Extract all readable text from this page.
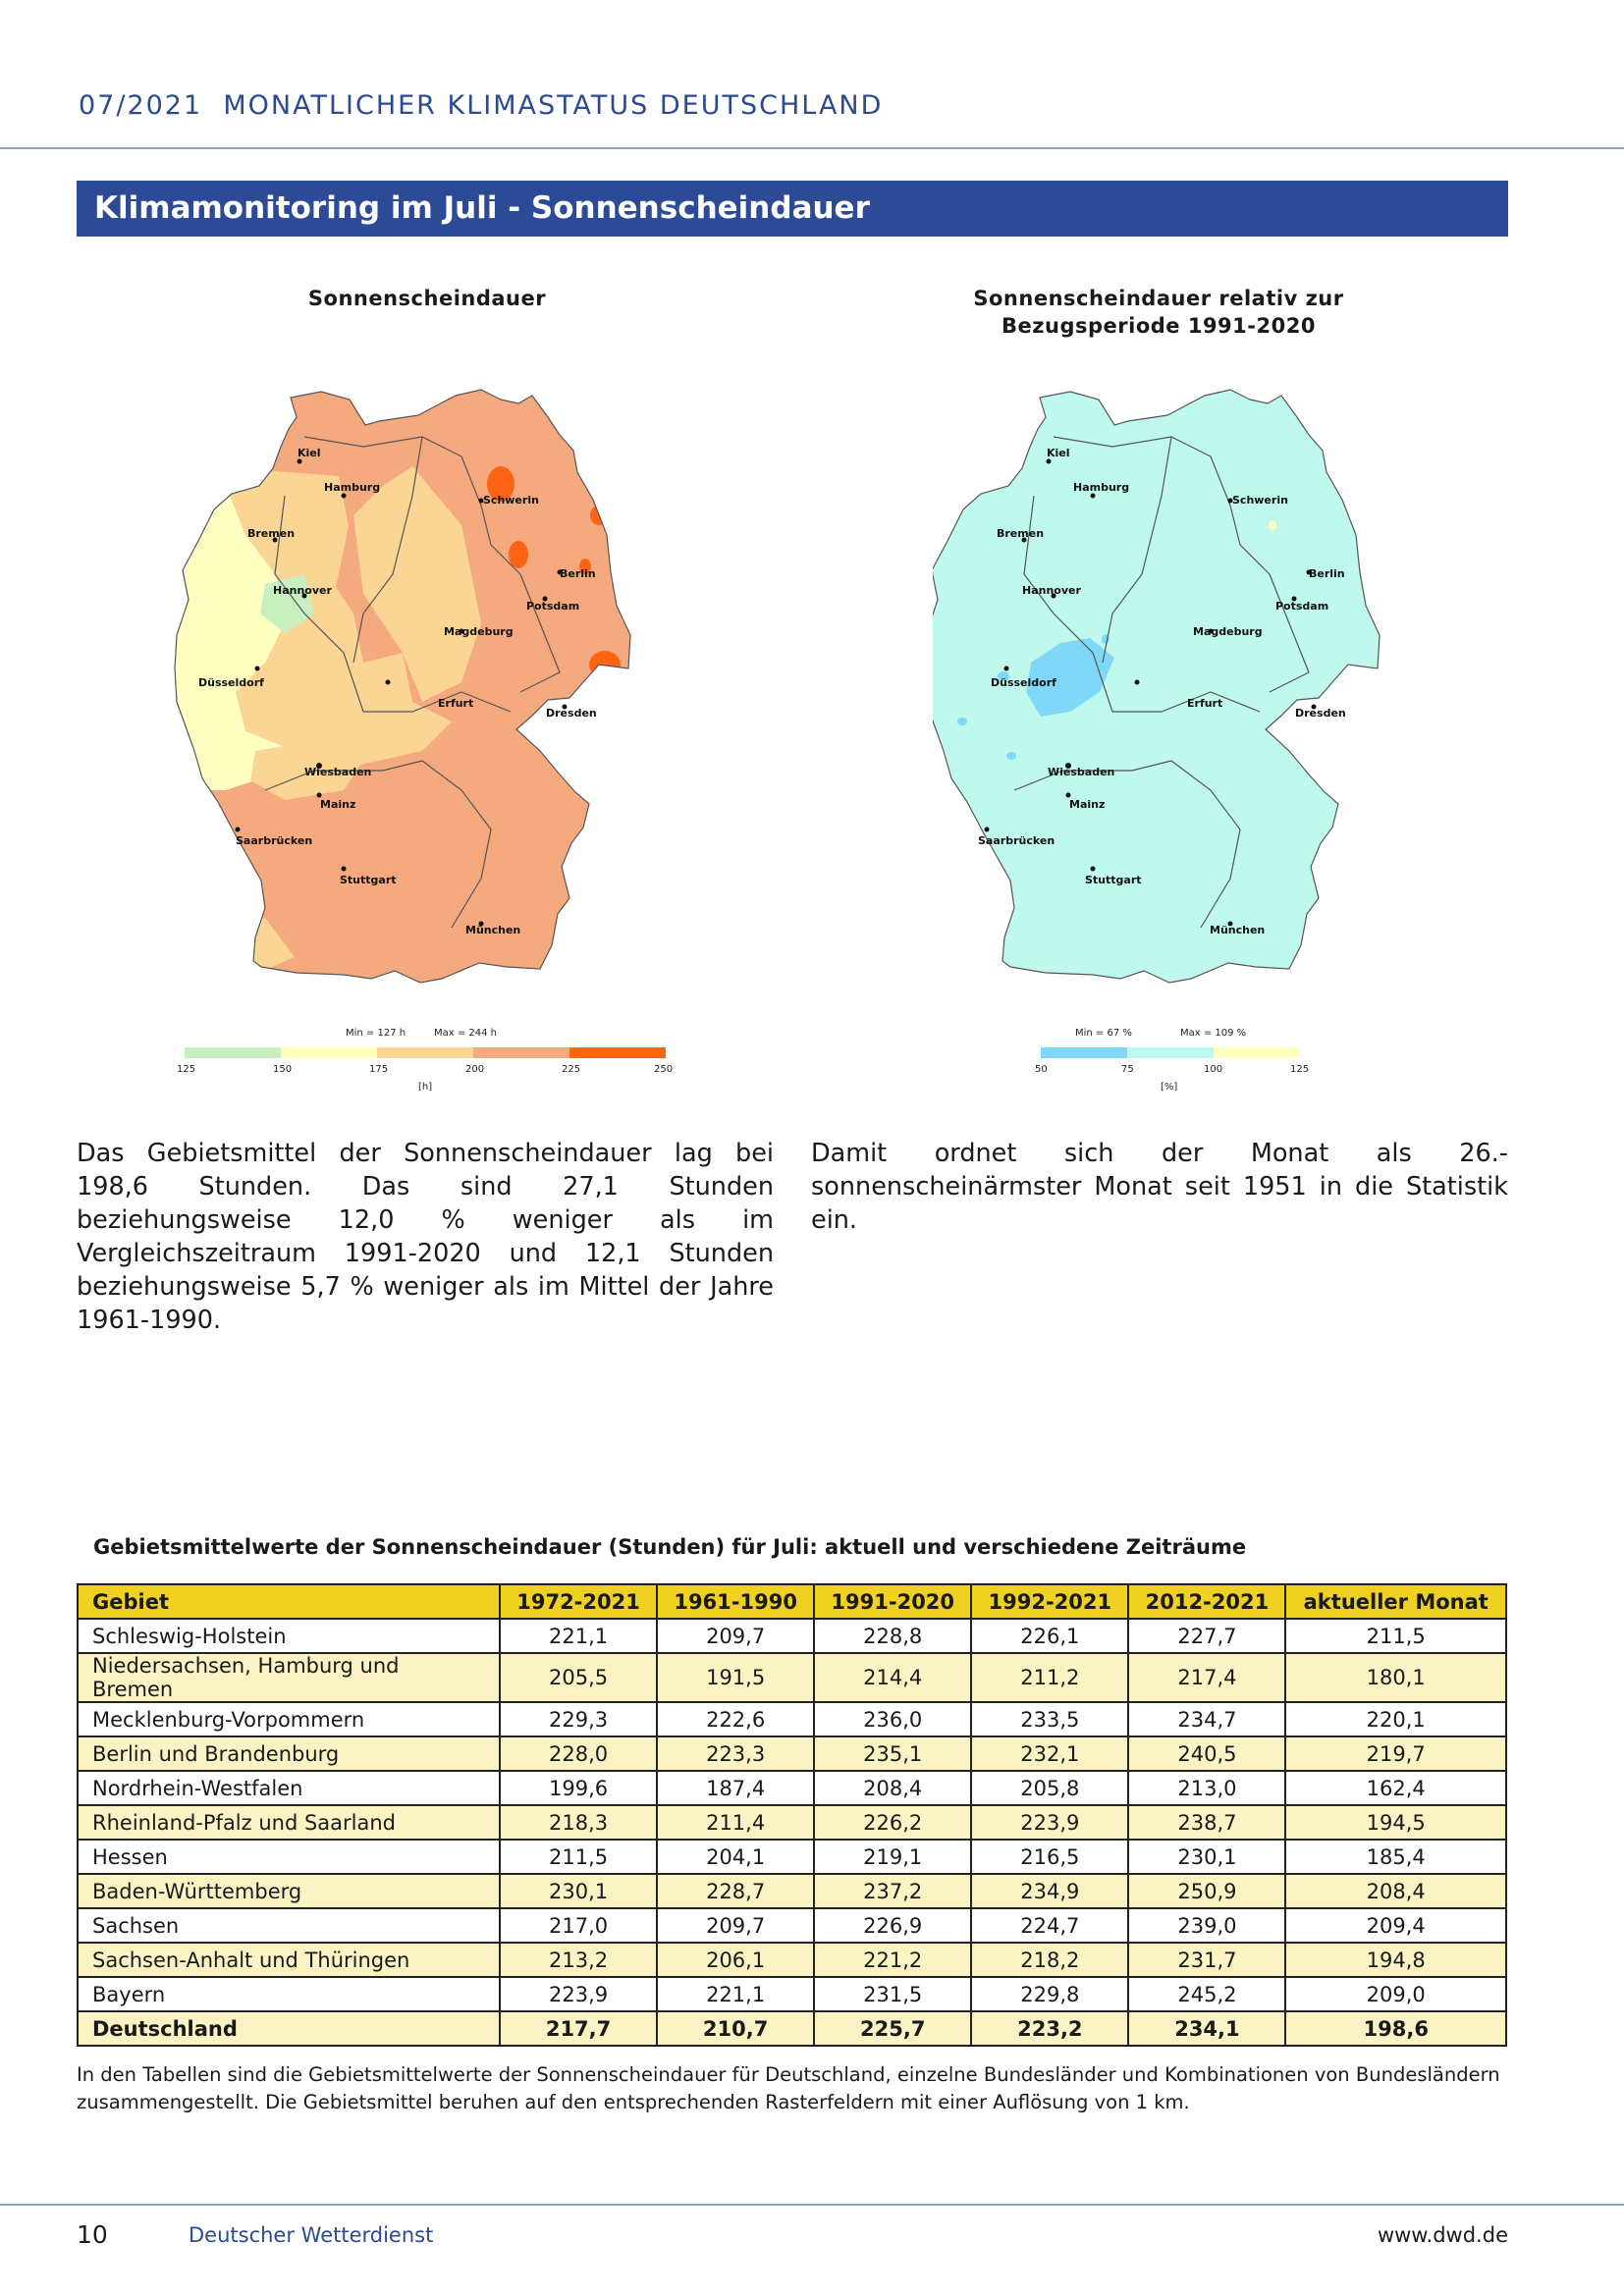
07/2021 MONATLICHER KLIMASTATUS DEUTSCHLAND
Klimamonitoring im Juli - Sonnenscheindauer
Sonnenscheindauer	Sonnenscheindauer relativ zur
Bezugsperiode 1991-2020
Kiel
Hamburg
Schwerin
Bremen
Berlin
Hannover
Potsdam
Magdeburg
Düsseldorf
Erfurt
Dresden
Wiesbaden
Mainz
Saarbrücken
Stuttgart
München
Min = 127 h	Max = 244 h
125	150	175	200	225	250
[h]
Kiel
Hamburg
Schwerin
Bremen
Berlin
Hannover
Potsdam
Magdeburg
Düsseldorf
Erfurt
Dresden
Wiesbaden
Mainz
Saarbrücken
Stuttgart
München
Min = 67 %	Max = 109 %
50	75	100	125
[%]
Das Gebietsmittel der Sonnenscheindauer lag bei 198,6 Stunden. Das sind 27,1 Stunden beziehungsweise 12,0 % weniger als im Vergleichszeitraum 1991-2020 und 12,1 Stunden beziehungsweise 5,7 % weniger als im Mittel der Jahre 1961-1990.
Damit ordnet sich der Monat als 26.-sonnenscheinärmster Monat seit 1951 in die Statistik ein.
Gebietsmittelwerte der Sonnenscheindauer (Stunden) für Juli: aktuell und verschiedene Zeiträume
Gebiet	1972-2021	1961-1990	1991-2020	1992-2021	2012-2021	aktueller Monat
Schleswig-Holstein	221,1	209,7	228,8	226,1	227,7	211,5
Niedersachsen, Hamburg und Bremen	205,5	191,5	214,4	211,2	217,4	180,1
Mecklenburg-Vorpommern	229,3	222,6	236,0	233,5	234,7	220,1
Berlin und Brandenburg	228,0	223,3	235,1	232,1	240,5	219,7
Nordrhein-Westfalen	199,6	187,4	208,4	205,8	213,0	162,4
Rheinland-Pfalz und Saarland	218,3	211,4	226,2	223,9	238,7	194,5
Hessen	211,5	204,1	219,1	216,5	230,1	185,4
Baden-Württemberg	230,1	228,7	237,2	234,9	250,9	208,4
Sachsen	217,0	209,7	226,9	224,7	239,0	209,4
Sachsen-Anhalt und Thüringen	213,2	206,1	221,2	218,2	231,7	194,8
Bayern	223,9	221,1	231,5	229,8	245,2	209,0
Deutschland	217,7	210,7	225,7	223,2	234,1	198,6
In den Tabellen sind die Gebietsmittelwerte der Sonnenscheindauer für Deutschland, einzelne Bundesländer und Kombinationen von Bundesländern zusammengestellt. Die Gebietsmittel beruhen auf den entsprechenden Rasterfeldern mit einer Auflösung von 1 km.
10	Deutscher Wetterdienst	www.dwd.de
